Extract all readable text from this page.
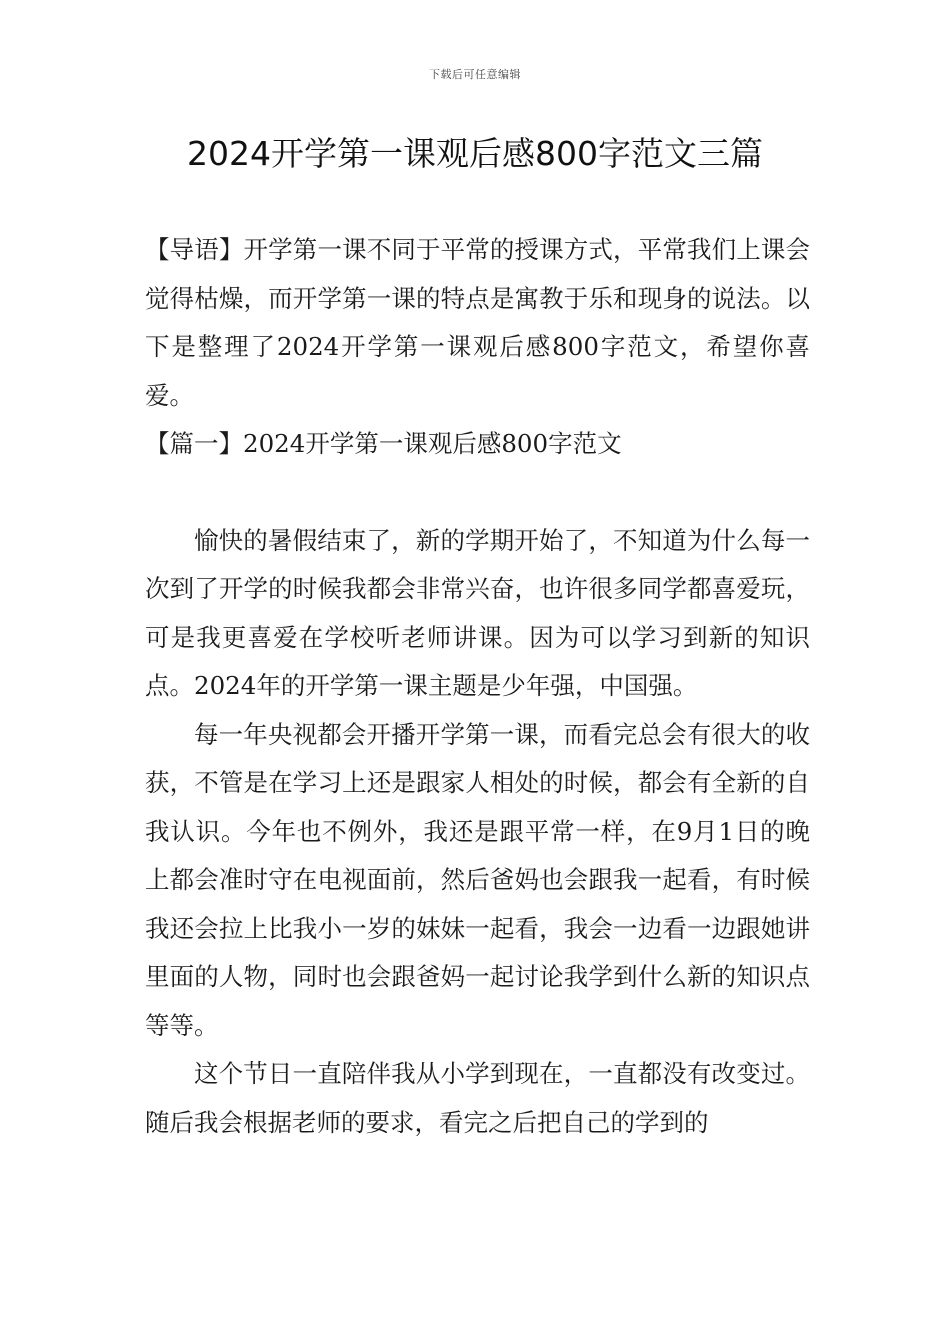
下载后可任意编辑
2024开学第一课观后感800字范文三篇

【导语】开学第一课不同于平常的授课方式，平常我们上课会觉得枯燥，而开学第一课的特点是寓教于乐和现身的说法。以下是整理了2024开学第一课观后感800字范文，希望你喜爱。

【篇一】2024开学第一课观后感800字范文

愉快的暑假结束了，新的学期开始了，不知道为什么每一次到了开学的时候我都会非常兴奋，也许很多同学都喜爱玩，可是我更喜爱在学校听老师讲课。因为可以学习到新的知识点。2024年的开学第一课主题是少年强，中国强。

每一年央视都会开播开学第一课，而看完总会有很大的收获，不管是在学习上还是跟家人相处的时候，都会有全新的自我认识。今年也不例外，我还是跟平常一样，在9月1日的晚上都会准时守在电视面前，然后爸妈也会跟我一起看，有时候我还会拉上比我小一岁的妹妹一起看，我会一边看一边跟她讲里面的人物，同时也会跟爸妈一起讨论我学到什么新的知识点等等。

这个节日一直陪伴我从小学到现在，一直都没有改变过。随后我会根据老师的要求，看完之后把自己的学到的
